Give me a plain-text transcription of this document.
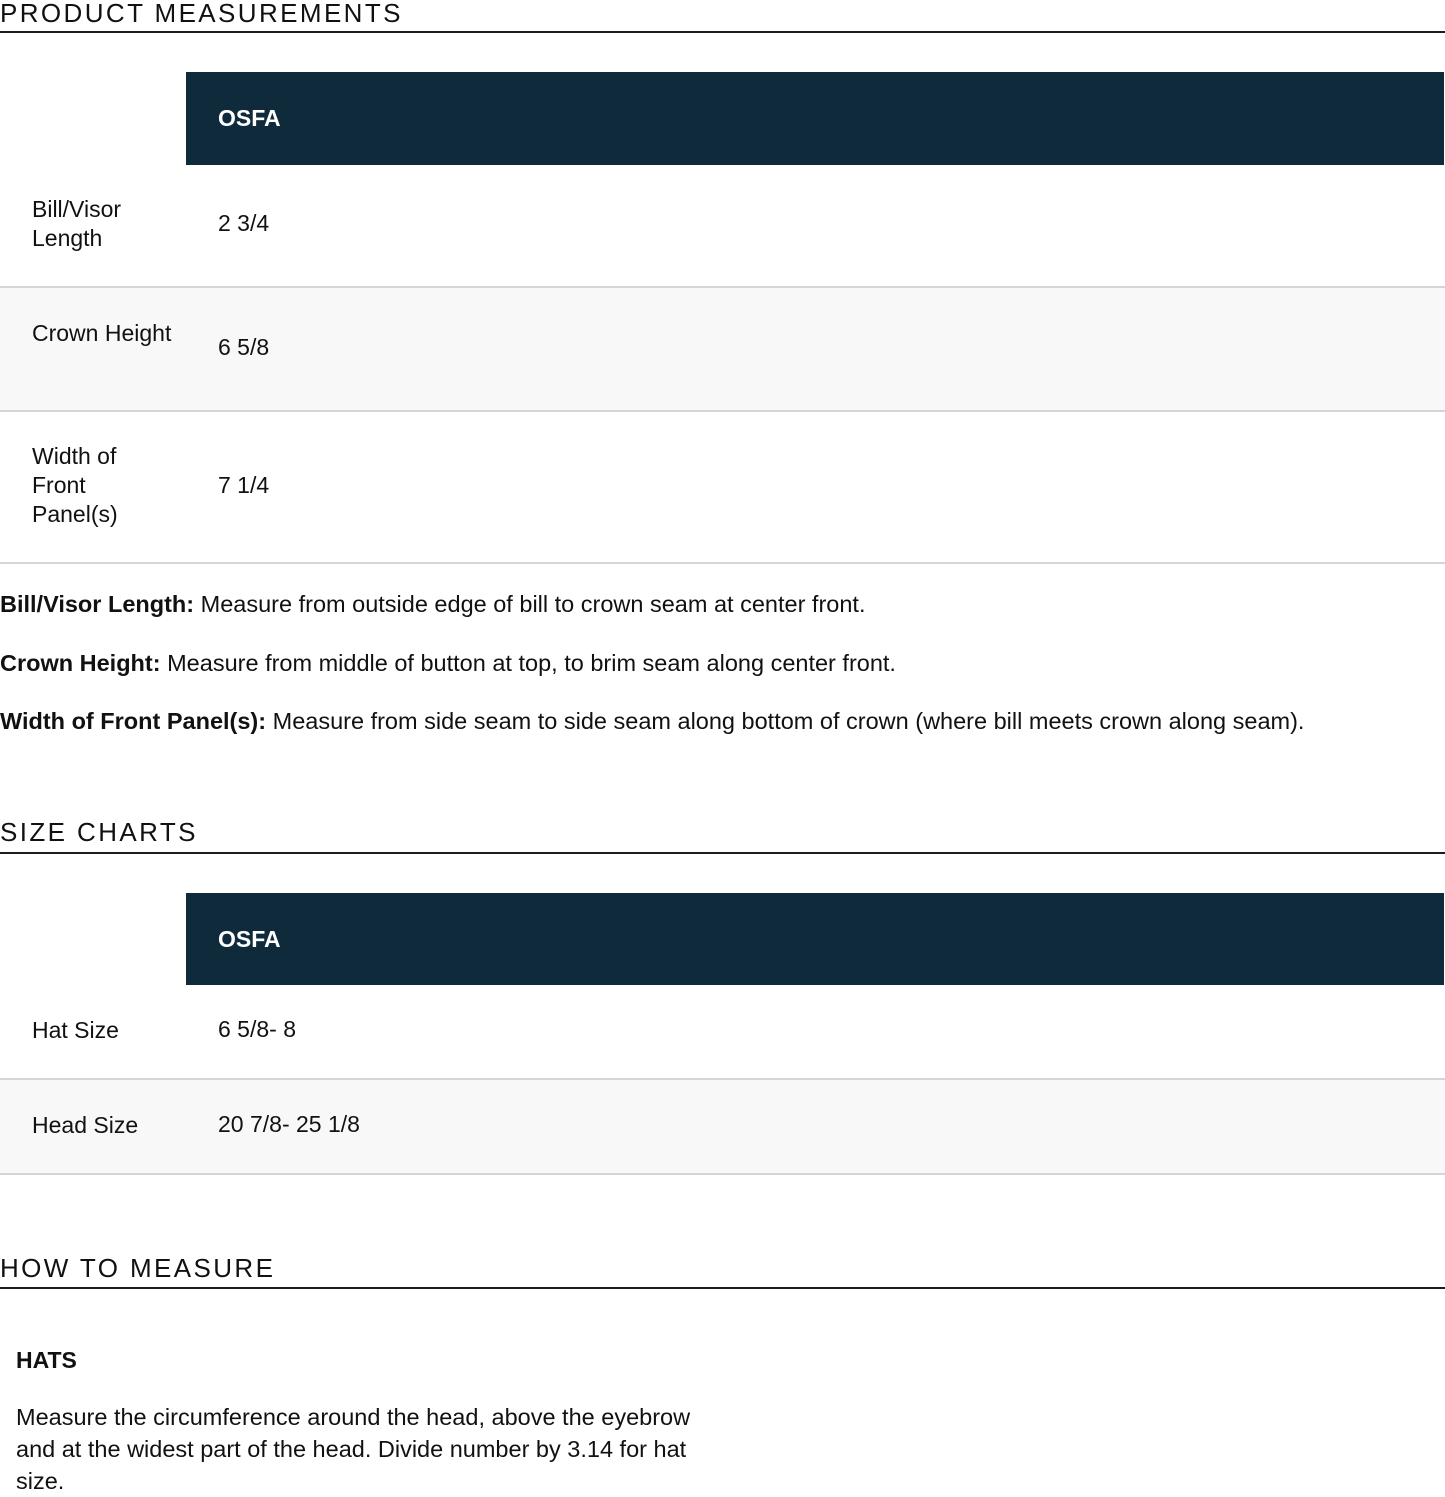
PRODUCT MEASUREMENTS
OSFA
Bill/Visor Length
2 3/4
Crown Height
6 5/8
Width of Front Panel(s)
7 1/4

Bill/Visor Length: Measure from outside edge of bill to crown seam at center front.

Crown Height: Measure from middle of button at top, to brim seam along center front.

Width of Front Panel(s): Measure from side seam to side seam along bottom of crown (where bill meets crown along seam).

SIZE CHARTS
OSFA
Hat Size	6 5/8- 8
Head Size	20 7/8- 25 1/8
HOW TO MEASURE
HATS

Measure the circumference around the head, above the eyebrow and at the widest part of the head. Divide number by 3.14 for hat size.
